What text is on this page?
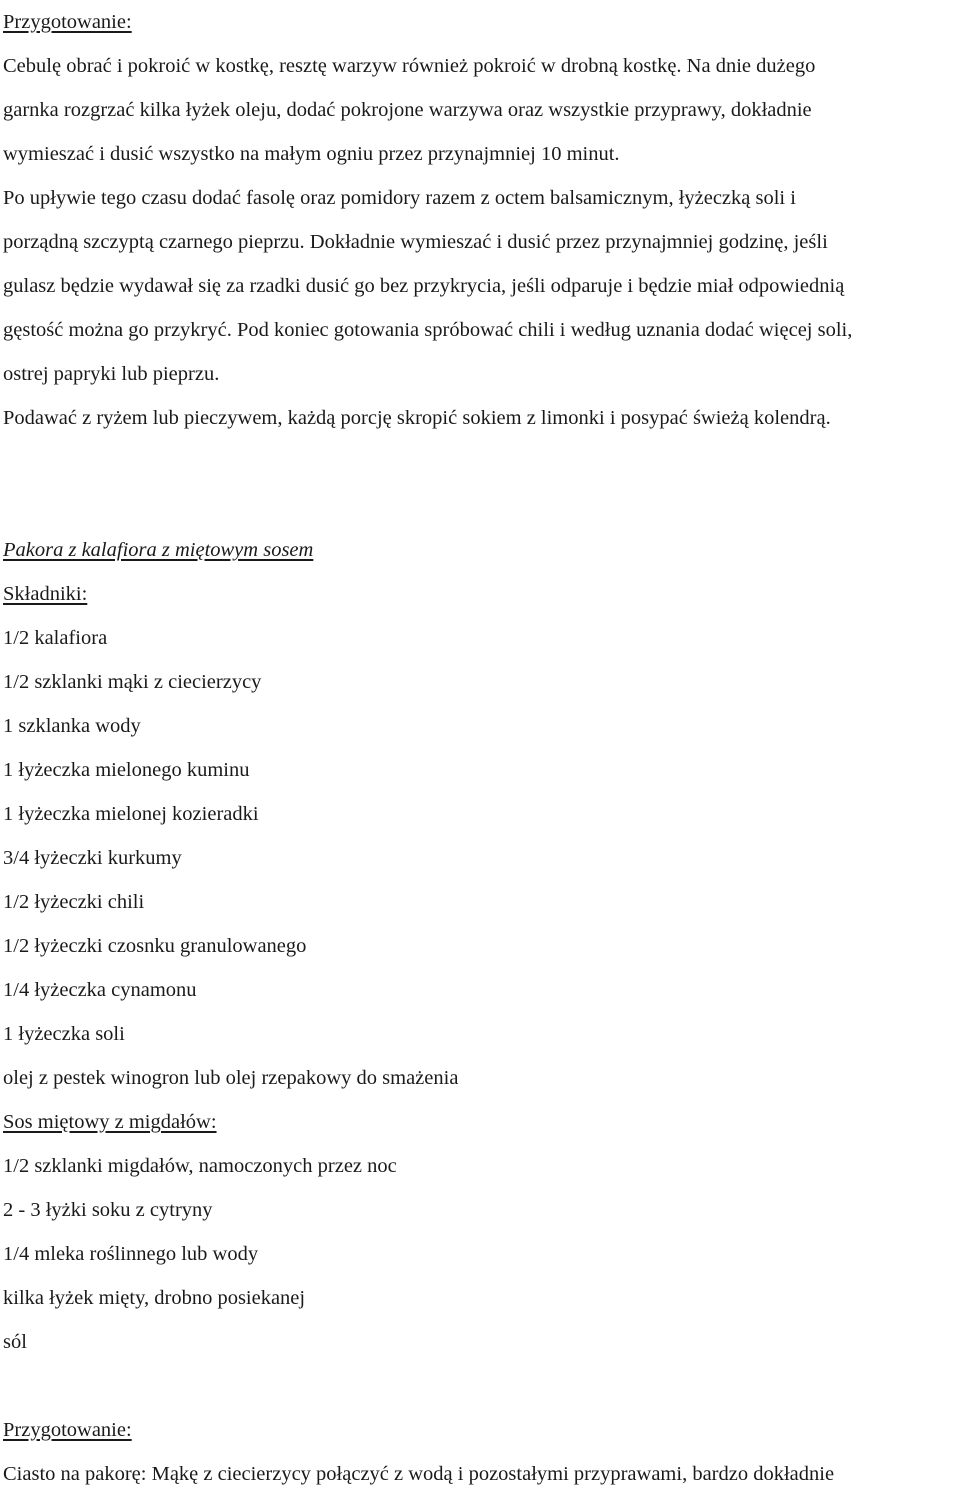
Przygotowanie:
Cebulę obrać i pokroić w kostkę, resztę warzyw również pokroić w drobną kostkę. Na dnie dużego
garnka rozgrzać kilka łyżek oleju, dodać pokrojone warzywa oraz wszystkie przyprawy, dokładnie
wymieszać i dusić wszystko na małym ogniu przez przynajmniej 10 minut.
Po upływie tego czasu dodać fasolę oraz pomidory razem z octem balsamicznym, łyżeczką soli i
porządną szczyptą czarnego pieprzu. Dokładnie wymieszać i dusić przez przynajmniej godzinę, jeśli
gulasz będzie wydawał się za rzadki dusić go bez przykrycia, jeśli odparuje i będzie miał odpowiednią
gęstość można go przykryć. Pod koniec gotowania spróbować chili i według uznania dodać więcej soli,
ostrej papryki lub pieprzu.
Podawać z ryżem lub pieczywem, każdą porcję skropić sokiem z limonki i posypać świeżą kolendrą.
Pakora z kalafiora z miętowym sosem
Składniki:
1/2 kalafiora
1/2 szklanki mąki z ciecierzycy
1 szklanka wody
1 łyżeczka mielonego kuminu
1 łyżeczka mielonej kozieradki
3/4 łyżeczki kurkumy
1/2 łyżeczki chili
1/2 łyżeczki czosnku granulowanego
1/4 łyżeczka cynamonu
1 łyżeczka soli
olej z pestek winogron lub olej rzepakowy do smażenia
Sos miętowy z migdałów:
1/2 szklanki migdałów, namoczonych przez noc
2 - 3 łyżki soku z cytryny
1/4 mleka roślinnego lub wody
kilka łyżek mięty, drobno posiekanej
sól
Przygotowanie:
Ciasto na pakorę: Mąkę z ciecierzycy połączyć z wodą i pozostałymi przyprawami, bardzo dokładnie
